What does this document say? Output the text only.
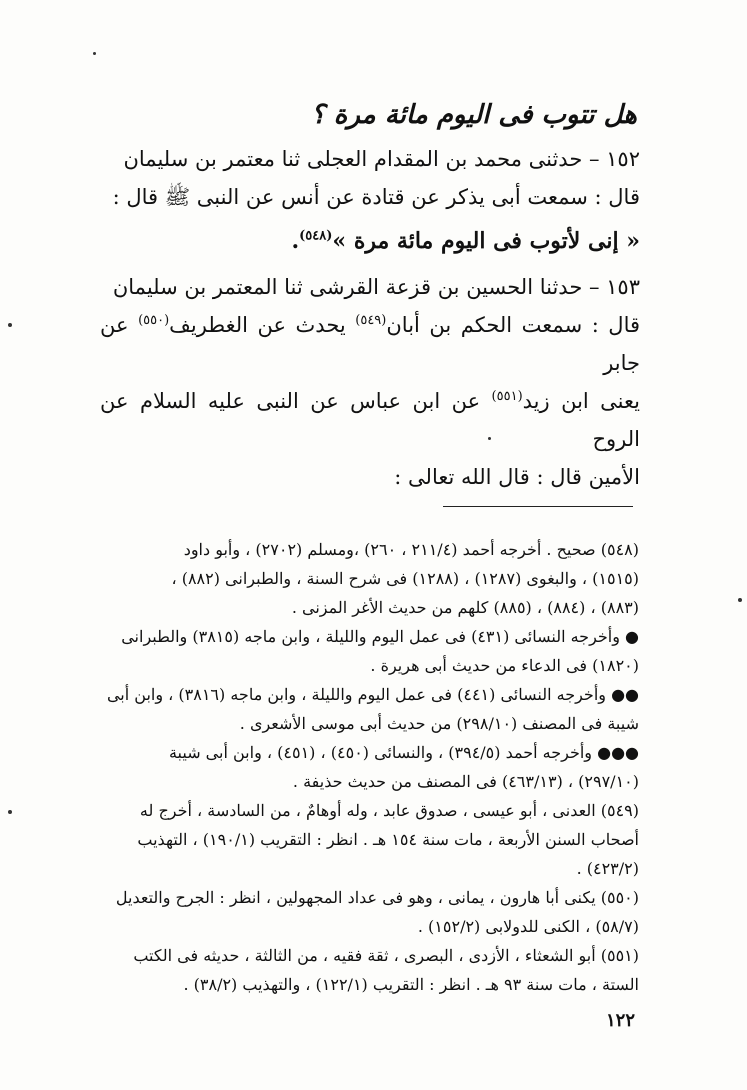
هل تتوب فى اليوم مائة مرة ؟

١٥٢ – حدثنى محمد بن المقدام العجلى ثنا معتمر بن سليمان

قال : سمعت أبى يذكر عن قتادة عن أنس عن النبى ﷺ قال :

« إنى لأتوب فى اليوم مائة مرة »$^{(٥٤٨)}$.

١٥٣ – حدثنا الحسين بن قزعة القرشى ثنا المعتمر بن سليمان

قال : سمعت الحكم بن أبان$^{(٥٤٩)}$ يحدث عن الغطريف$^{(٥٥٠)}$ عن جابر

يعنى ابن زيد$^{(٥٥١)}$ عن ابن عباس عن النبى عليه السلام عن الروح

الأمين قال : قال الله تعالى :

(٥٤٨) صحيح . أخرجه أحمد (٢١١/٤ ، ٢٦٠) ،ومسلم (٢٧٠٢) ، وأبو داود

(١٥١٥) ، والبغوى (١٢٨٧) ، (١٢٨٨) فى شرح السنة ، والطبرانى (٨٨٢) ،

(٨٨٣) ، (٨٨٤) ، (٨٨٥) كلهم من حديث الأغر المزنى .

● وأخرجه النسائى (٤٣١) فى عمل اليوم والليلة ، وابن ماجه (٣٨١٥) والطبرانى

(١٨٢٠) فى الدعاء من حديث أبى هريرة .

●● وأخرجه النسائى (٤٤١) فى عمل اليوم والليلة ، وابن ماجه (٣٨١٦) ، وابن أبى

شيبة فى المصنف (٢٩٨/١٠) من حديث أبى موسى الأشعرى .

●●● وأخرجه أحمد (٣٩٤/٥) ، والنسائى (٤٥٠) ، (٤٥١) ، وابن أبى شيبة

(٢٩٧/١٠) ، (٤٦٣/١٣) فى المصنف من حديث حذيفة .

(٥٤٩) العدنى ، أبو عيسى ، صدوق عابد ، وله أوهامٌ ، من السادسة ، أخرج له

أصحاب السنن الأربعة ، مات سنة ١٥٤ هـ . انظر : التقريب (١٩٠/١) ، التهذيب

(٤٢٣/٢) .

(٥٥٠) يكنى أبا هارون ، يمانى ، وهو فى عداد المجهولين ، انظر : الجرح والتعديل

(٥٨/٧) ، الكنى للدولابى (١٥٢/٢) .

(٥٥١) أبو الشعثاء ، الأزدى ، البصرى ، ثقة فقيه ، من الثالثة ، حديثه فى الكتب

الستة ، مات سنة ٩٣ هـ . انظر : التقريب (١٢٢/١) ، والتهذيب (٣٨/٢) .

١٢٢
